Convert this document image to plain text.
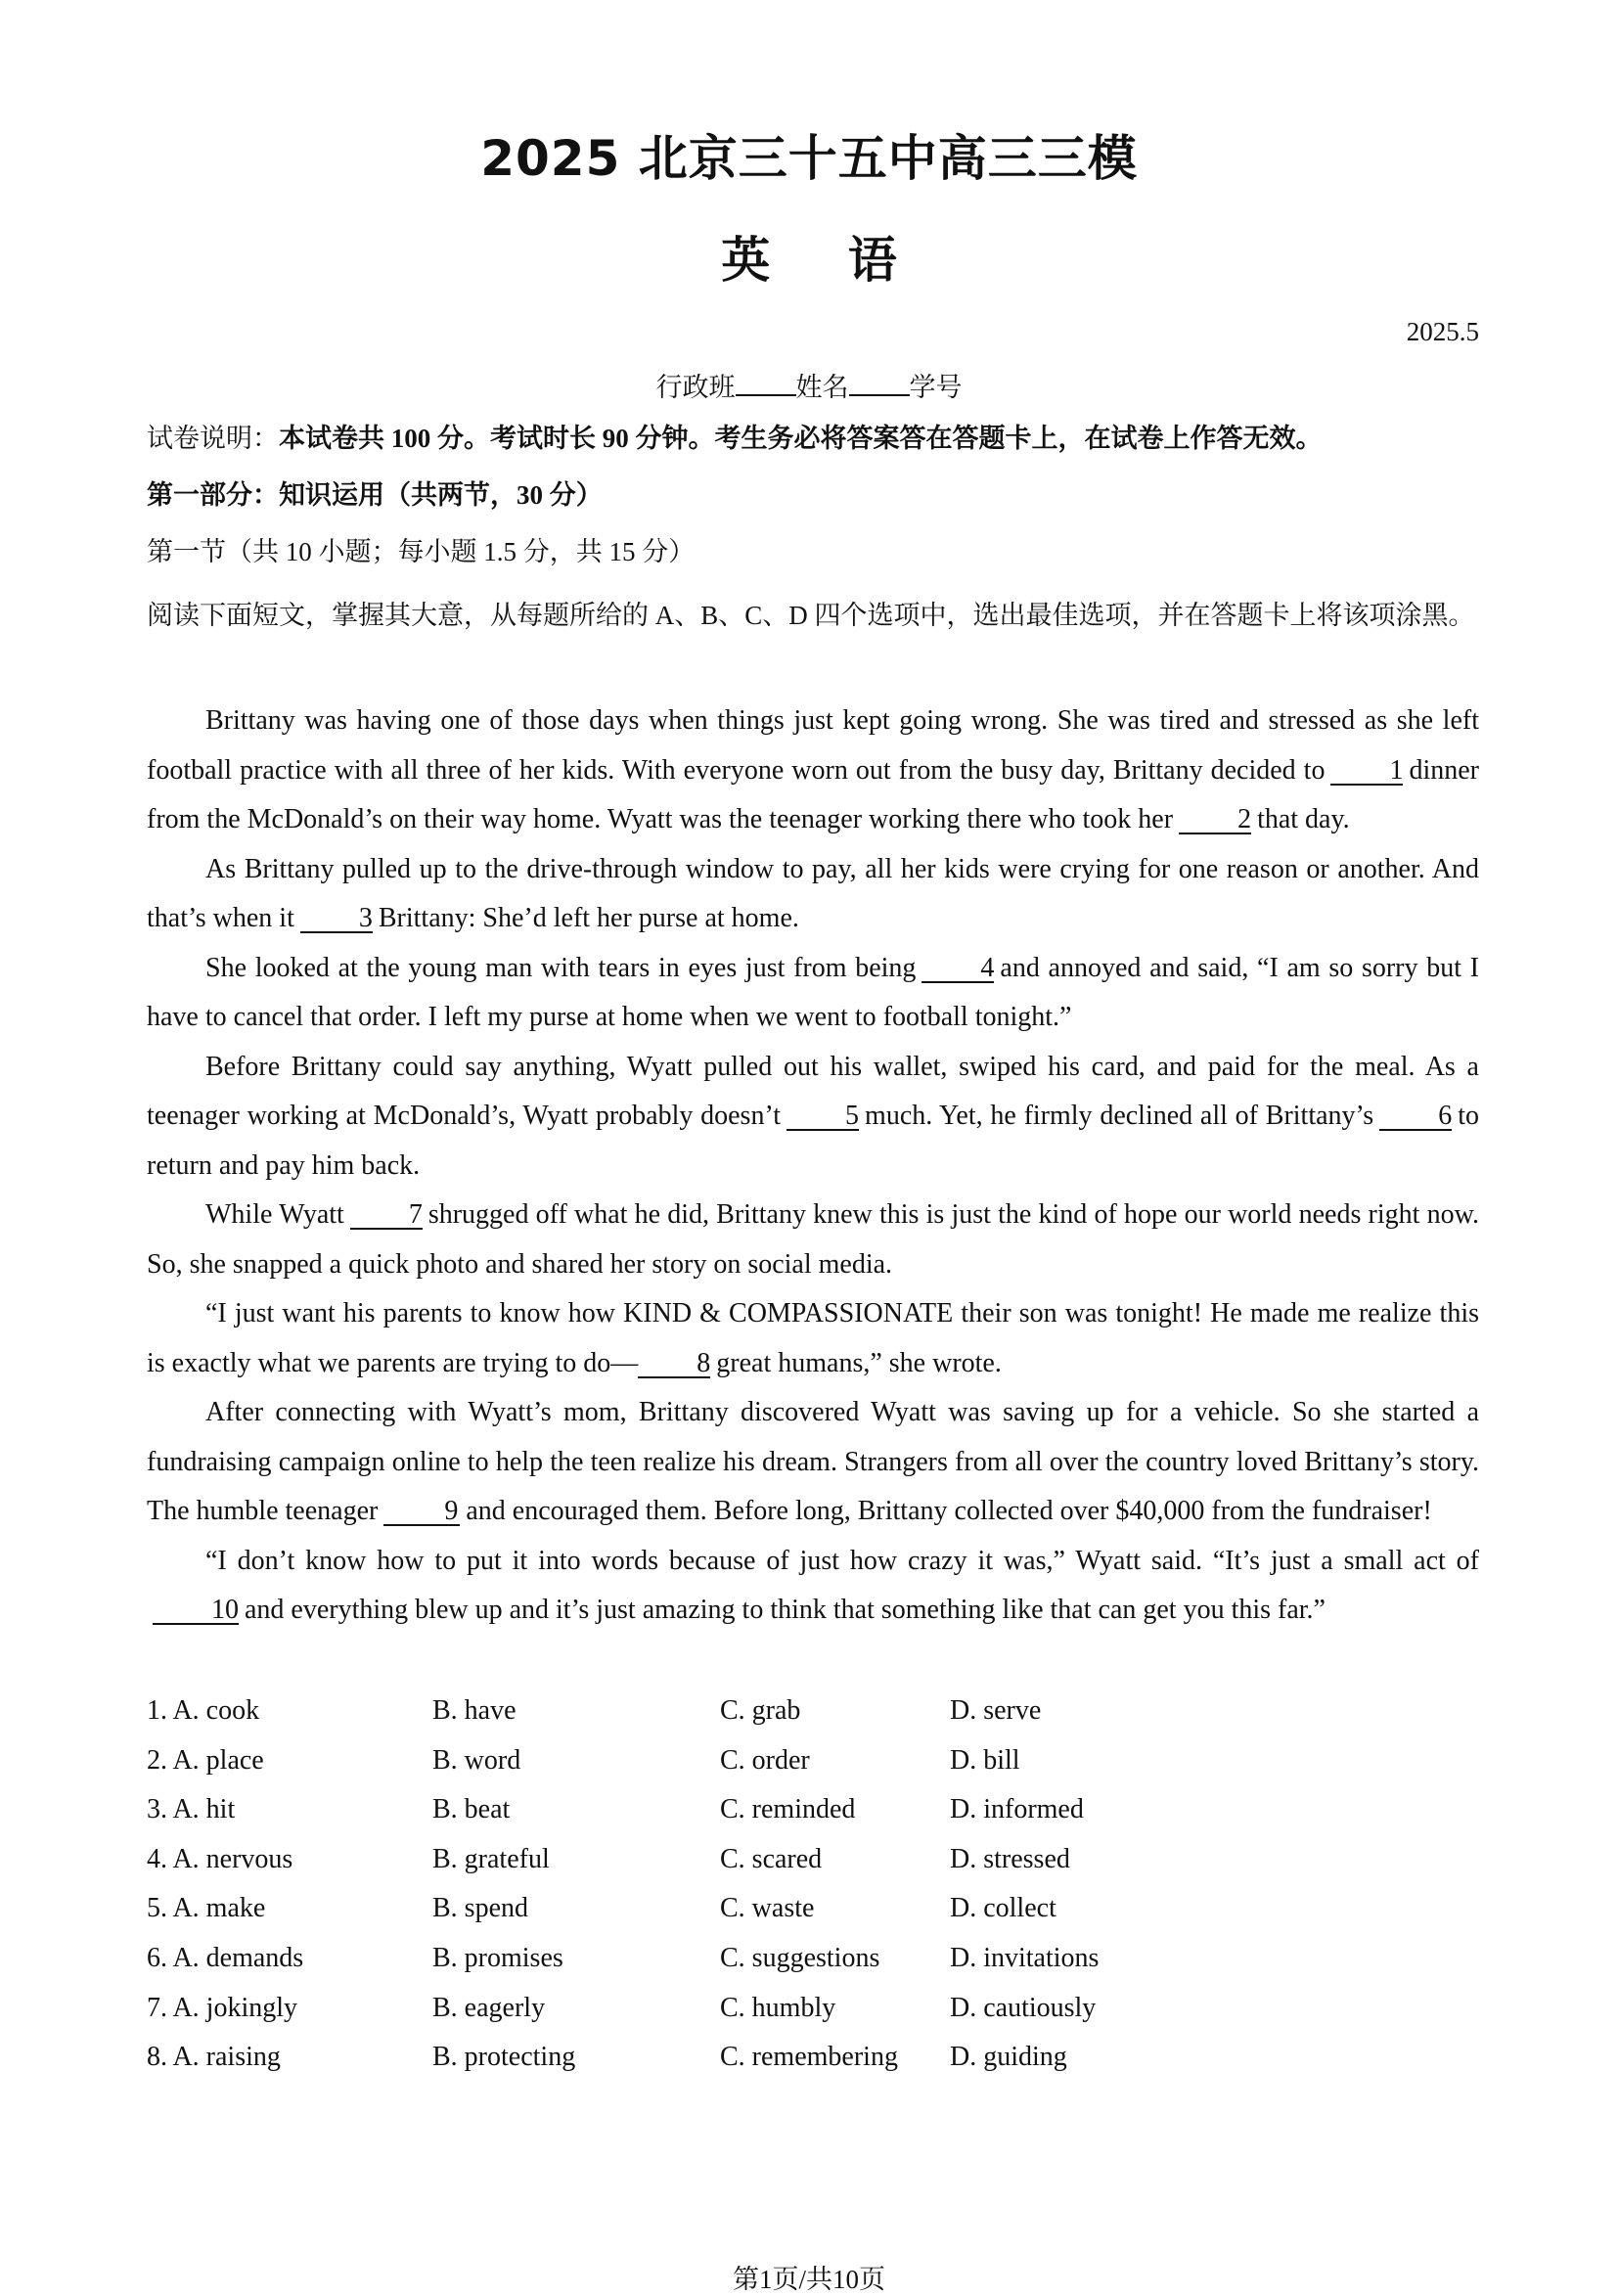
2025 北京三十五中高三三模
英 语
2025.5
行政班 姓名 学号
试卷说明：本试卷共 100 分。考试时长 90 分钟。考生务必将答案答在答题卡上，在试卷上作答无效。
第一部分：知识运用（共两节，30 分）
第一节（共 10 小题；每小题 1.5 分，共 15 分）
阅读下面短文，掌握其大意，从每题所给的 A、B、C、D 四个选项中，选出最佳选项，并在答题卡上将该项涂黑。

Brittany was having one of those days when things just kept going wrong. She was tired and stressed as she left football practice with all three of her kids. With everyone worn out from the busy day, Brittany decided to 1 dinner from the McDonald’s on their way home. Wyatt was the teenager working there who took her 2 that day.

As Brittany pulled up to the drive-through window to pay, all her kids were crying for one reason or another. And that’s when it 3 Brittany: She’d left her purse at home.

She looked at the young man with tears in eyes just from being 4 and annoyed and said, “I am so sorry but I have to cancel that order. I left my purse at home when we went to football tonight.”

Before Brittany could say anything, Wyatt pulled out his wallet, swiped his card, and paid for the meal. As a teenager working at McDonald’s, Wyatt probably doesn’t 5 much. Yet, he firmly declined all of Brittany’s 6 to return and pay him back.

While Wyatt 7 shrugged off what he did, Brittany knew this is just the kind of hope our world needs right now. So, she snapped a quick photo and shared her story on social media.

“I just want his parents to know how KIND & COMPASSIONATE their son was tonight! He made me realize this is exactly what we parents are trying to do— 8 great humans,” she wrote.

After connecting with Wyatt’s mom, Brittany discovered Wyatt was saving up for a vehicle. So she started a fundraising campaign online to help the teen realize his dream. Strangers from all over the country loved Brittany’s story. The humble teenager 9 and encouraged them. Before long, Brittany collected over $40,000 from the fundraiser!

“I don’t know how to put it into words because of just how crazy it was,” Wyatt said. “It’s just a small act of10 and everything blew up and it’s just amazing to think that something like that can get you this far.”

1. A. cook	B. have	C. grab	D. serve
2. A. place	B. word	C. order	D. bill
3. A. hit	B. beat	C. reminded	D. informed
4. A. nervous	B. grateful	C. scared	D. stressed
5. A. make	B. spend	C. waste	D. collect
6. A. demands	B. promises	C. suggestions	D. invitations
7. A. jokingly	B. eagerly	C. humbly	D. cautiously
8. A. raising	B. protecting	C. remembering	D. guiding
第1页/共10页
